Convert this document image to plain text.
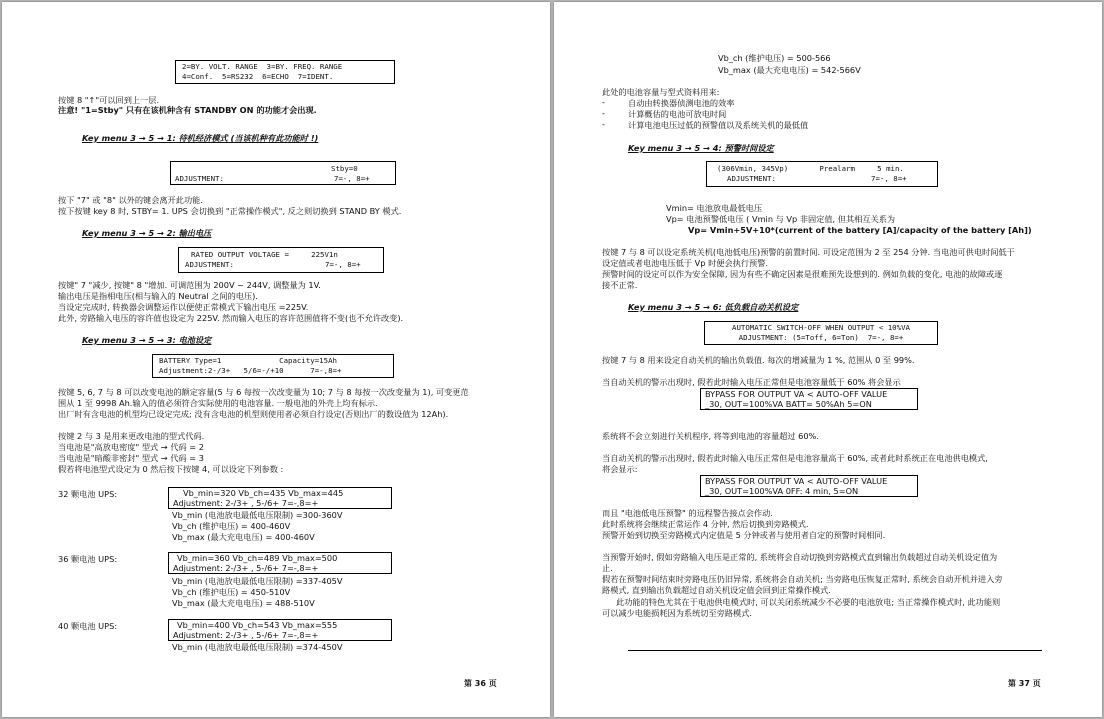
2=BY. VOLT. RANGE  3=BY. FREQ. RANGE
4=Conf.  5=RS232  6=ECHO  7=IDENT.
按键 8 "↑"可以回到上一层.
注意! "1=Stby" 只有在该机种含有 STANDBY ON 的功能才会出现.
Key menu 3 → 5 → 1: 待机经济模式 (当该机种有此功能时 !)
Stby=0
ADJUSTMENT:	7=-, 8=+
按下 "7" 或 "8" 以外的键会离开此功能.
按下按键 key 8 时, STBY= 1. UPS 会切换到 "正常操作模式", 反之则切换到 STAND BY 模式.
Key menu 3 → 5 → 2: 输出电压
RATED OUTPUT VOLTAGE =     225V1n
ADJUSTMENT:	7=-, 8=+
按键" 7 "减少, 按键" 8 "增加. 可调范围为 200V ~ 244V, 调整量为 1V.
输出电压是指相电压(相与输入的 Neutral 之间的电压).
当设定完成时, 转换器会调整运作以便使正常模式下输出电压 =225V.
此外, 旁路输入电压的容许值也设定为 225V. 然而输入电压的容许范围值将不变(也不允许改变).
Key menu 3 → 5 → 3: 电池设定
BATTERY Type=1             Capacity=15Ah
Adjustment:2-/3+   5/6=-/+10      7=-,8=+
按键 5, 6, 7 与 8 可以改变电池的额定容量(5 与 6 每按一次改变量为 10; 7 与 8 每按一次改变量为 1), 可变更范
围从 1 至 9998 Ah.输入的值必须符合实际使用的电池容量. 一般电池的外壳上均有标示.
出厂时有含电池的机型均已设定完成; 没有含电池的机型则使用者必须自行设定(否则出厂的数设值为 12Ah).
按键 2 与 3 是用来更改电池的型式代码.
当电池是"高放电密度" 型式 → 代码 = 2
当电池是"暗酸非密封" 型式 → 代码 = 3
假若将电池型式设定为 0 然后按下按键 4, 可以设定下列参数 :
32 颗电池 UPS:	Vb_min=320 Vb_ch=435 Vb_max=445
Adjustment: 2-/3+ , 5-/6+ 7=-,8=+
Vb_min (电池放电最低电压限制) =300-360V
Vb_ch (维护电压) = 400-460V
Vb_max (最大充电电压) = 400-460V
36 颗电池 UPS:	Vb_min=360 Vb_ch=489 Vb_max=500
Adjustment: 2-/3+ , 5-/6+ 7=-,8=+
Vb_min (电池放电最低电压限制) =337-405V
Vb_ch (维护电压) = 450-510V
Vb_max (最大充电电压) = 488-510V
40 颗电池 UPS:	Vb_min=400 Vb_ch=543 Vb_max=555
Adjustment: 2-/3+ , 5-/6+ 7=-,8=+
Vb_min (电池放电最低电压限制) =374-450V
第 36 页
Vb_ch (维护电压) = 500-566
Vb_max (最大充电电压) = 542-566V
此处的电池容量与型式资料用来:
-	自动由转换器侦测电池的效率
-	计算概估的电池可放电时间
-	计算电池电压过低的预警值以及系统关机的最低值
Key menu 3 → 5 → 4: 预警时间设定
(306Vmin, 345Vp)       Prealarm     5 min.
ADJUSTMENT:	7=-, 8=+
Vmin= 电池放电最低电压
Vp= 电池预警低电压 ( Vmin 与 Vp 非固定值, 但其相互关系为
Vp= Vmin+5V+10*(current of the battery [A]/capacity of the battery [Ah])
按键 7 与 8 可以设定系统关机(电池低电压)预警的前置时间. 可设定范围为 2 至 254 分钟. 当电池可供电时间低于
设定值或者电池电压低于 Vp 时便会执行预警.
预警时间的设定可以作为安全保障, 因为有些不确定因素是很难预先设想到的. 例如负载的变化, 电池的故障或逐
接不正常.
Key menu 3 → 5 → 6: 低负载自动关机设定
AUTOMATIC SWITCH-OFF WHEN OUTPUT < 10%VA
ADJUSTMENT: (5=Toff, 6=Ton)  7=-, 8=+
按键 7 与 8 用来设定自动关机的输出负载值. 每次的增减量为 1 %, 范围从 0 至 99%.
当自动关机的警示出现时, 假若此时输入电压正常但是电池容量低于 60% 将会显示
BYPASS FOR OUTPUT VA < AUTO-OFF VALUE
_30, OUT=100%VA BATT= 50%Ah 5=ON
系统将不会立刻进行关机程序, 将等到电池的容量超过 60%.
当自动关机的警示出现时, 假若此时输入电压正常但是电池容量高于 60%, 或者此时系统正在电池供电模式,
将会显示:
BYPASS FOR OUTPUT VA < AUTO-OFF VALUE
_30, OUT=100%VA 0FF: 4 min, 5=ON
而且 "电池低电压预警" 的远程警告接点会作动.
此时系统将会继续正常运作 4 分钟, 然后切换到旁路模式.
预警开始到切换至旁路模式内定值是 5 分钟或者与使用者自定的预警时间相同.
当预警开始时, 假如旁路输入电压是正常的, 系统将会自动切换到旁路模式直到输出负载超过自动关机设定值为
止.
假若在预警时间结束时旁路电压仍旧异常, 系统将会自动关机; 当旁路电压恢复正常时, 系统会自动开机并进入旁
路模式, 直到输出负载超过自动关机设定值会回到正常操作模式.
此功能的特色尤其在于电池供电模式时, 可以关闭系统减少不必要的电池放电; 当正常操作模式时, 此功能则
可以减少电能损耗因为系统切至旁路模式.
第 37 页
